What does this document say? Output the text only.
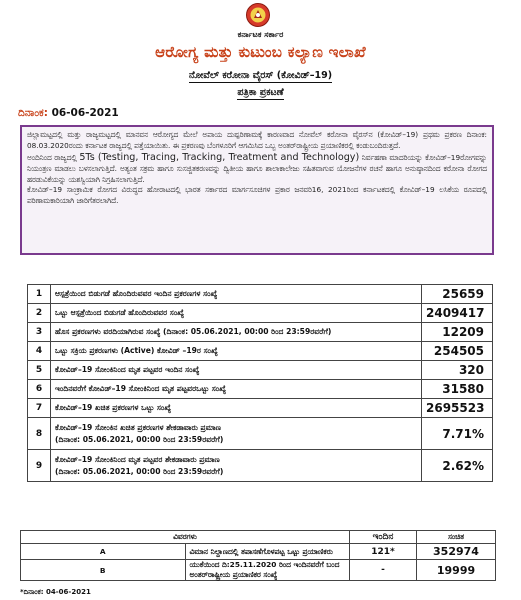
ಕರ್ನಾಟಕ ಸರ್ಕಾರ
ಆರೋಗ್ಯ ಮತ್ತು ಕುಟುಂಬ ಕಲ್ಯಾಣ ಇಲಾಖೆ
ನೋವೆಲ್ ಕರೋನಾ ವೈರಸ್ (ಕೋವಿಡ್–19)
ಪತ್ರಿಕಾ ಪ್ರಕಟಣೆ
ದಿನಾಂಕ: 06-06-2021

ಜಿಲ್ಲಾಮಟ್ಟದಲ್ಲಿ ಮತ್ತು ರಾಜ್ಯಮಟ್ಟದಲ್ಲಿ ಮಾನವನ ಆರೋಗ್ಯದ ಮೇಲೆ ಅಪಾಯ ದುಷ್ಪರಿಣಾಮಕ್ಕೆ ಕಾರಣವಾದ ನೋವೆಲ್ ಕರೋನಾ ವೈರಸ್‌ನ (ಕೋವಿಡ್–19) ಪ್ರಥಮ ಪ್ರಕರಣ ದಿನಾಂಕ: 08.03.2020ರಂದು ಕರ್ನಾಟಕ ರಾಜ್ಯದಲ್ಲಿ ಪತ್ತೆಯಾಯಿತು. ಈ ಪ್ರಕರಣವು ಬೆಂಗಳೂರಿಗೆ ಆಗಮಿಸಿದ ಒಬ್ಬ ಅಂತರ್‌ರಾಷ್ಟ್ರೀಯ ಪ್ರಯಾಣಿಕರಲ್ಲಿ ಕಂಡುಬಂದಿರುತ್ತದೆ.

ಅಂದಿನಿಂದ ರಾಜ್ಯದಲ್ಲಿ 5Ts (Testing, Tracing, Tracking, Treatment and Technology) ನಿರ್ವಹಣಾ ಮಾದರಿಯನ್ನು ಕೋವಿಡ್–19ರೋಗವನ್ನು ನಿಯಂತ್ರಣ ಮಾಡಲು ಬಳಸಲಾಗುತ್ತಿದೆ. ಅತ್ಯಂತ ಸಕ್ರಮ ಹಾಗೂ ಸುಸಜ್ಜಿತಕರಣವನ್ನು ದ್ವಿತೀಯ ಹಾಗೂ ಶಾಲಾಕಾಲೇಜು ಸಹಿತವಾಗುವ ಯೋಜನೆಗಳ ರಚನೆ ಹಾಗೂ ಅನುಷ್ಠಾನದಿಂದ ಕರೋನಾ ರೋಗದ ಹರಡುವಿಕೆಯನ್ನು ಯಶಸ್ವಿಯಾಗಿ ನಿಗ್ರಹಿಸಲಾಗುತ್ತಿದೆ.

ಕೋವಿಡ್–19 ಸಾಂಕ್ರಾಮಿಕ ರೋಗದ ವಿರುದ್ಧದ ಹೋರಾಟದಲ್ಲಿ ಭಾರತ ಸರ್ಕಾರದ ಮಾರ್ಗಸೂಚಿಗಳ ಪ್ರಕಾರ ಜನವರಿ16, 2021ರಿಂದ ಕರ್ನಾಟಕದಲ್ಲಿ ಕೋವಿಡ್–19 ಲಸಿಕೆಯ ರೂಪದಲ್ಲಿ ಪರಿಣಾಮಕಾರಿಯಾಗಿ ಜಾರಿಗೆತರಲಾಗಿದೆ.

1	ಆಸ್ಪತ್ರೆಯಿಂದ ಬಿಡುಗಡೆ ಹೊಂದಿರುವವರ ಇಂದಿನ ಪ್ರಕರಣಗಳ ಸಂಖ್ಯೆ	25659
2	ಒಟ್ಟು ಆಸ್ಪತ್ರೆಯಿಂದ ಬಿಡುಗಡೆ ಹೊಂದಿರುವವರ ಸಂಖ್ಯೆ	2409417
3	ಹೊಸ ಪ್ರಕರಣಗಳು ವರದಿಯಾಗಿರುವ ಸಂಖ್ಯೆ (ದಿನಾಂಕ: 05.06.2021, 00:00 ರಿಂದ 23:59ರವರೆಗೆ)	12209
4	ಒಟ್ಟು ಸಕ್ರಿಯ ಪ್ರಕರಣಗಳು (Active) ಕೋವಿಡ್ –19ರ ಸಂಖ್ಯೆ	254505
5	ಕೋವಿಡ್–19 ಸೋಂಕಿನಿಂದ ಮೃತ ಪಟ್ಟವರ ಇಂದಿನ ಸಂಖ್ಯೆ	320
6	ಇಂದಿನವರೆಗೆ ಕೋವಿಡ್–19 ಸೋಂಕಿನಿಂದ ಮೃತ ಪಟ್ಟವರಒಟ್ಟು ಸಂಖ್ಯೆ	31580
7	ಕೋವಿಡ್–19 ಖಚಿತ ಪ್ರಕರಣಗಳ ಒಟ್ಟು ಸಂಖ್ಯೆ	2695523
8	ಕೋವಿಡ್–19 ಸೋಂಕಿನ ಖಚಿತ ಪ್ರಕರಣಗಳ ಶೇಕಡಾವಾರು ಪ್ರಮಾಣ
(ದಿನಾಂಕ: 05.06.2021, 00:00 ರಿಂದ 23:59ರವರೆಗೆ)	7.71%
9	ಕೋವಿಡ್–19 ಸೋಂಕಿನಿಂದ ಮೃತ ಪಟ್ಟವರ ಶೇಕಡಾವಾರು ಪ್ರಮಾಣ
(ದಿನಾಂಕ: 05.06.2021, 00:00 ರಿಂದ 23:59ರವರೆಗೆ)	2.62%
ವಿವರಗಳು		ಇಂದಿನ	ಸಂಚಿತ
A	ವಿಮಾನ ನಿಲ್ದಾಣದಲ್ಲಿ ತಪಾಸಣೆಗೊಳಪಟ್ಟ ಒಟ್ಟು ಪ್ರಯಾಣಿಕರು	121*	352974
B	ಯುಕೆಯಿಂದ ದಿ:25.11.2020 ರಿಂದ ಇಂದಿನವರೆಗೆ ಬಂದ ಅಂತರ್‌ರಾಷ್ಟ್ರೀಯ ಪ್ರಯಾಣಿಕರ ಸಂಖ್ಯೆ	-	19999
*ದಿನಾಂಕ: 04-06-2021
